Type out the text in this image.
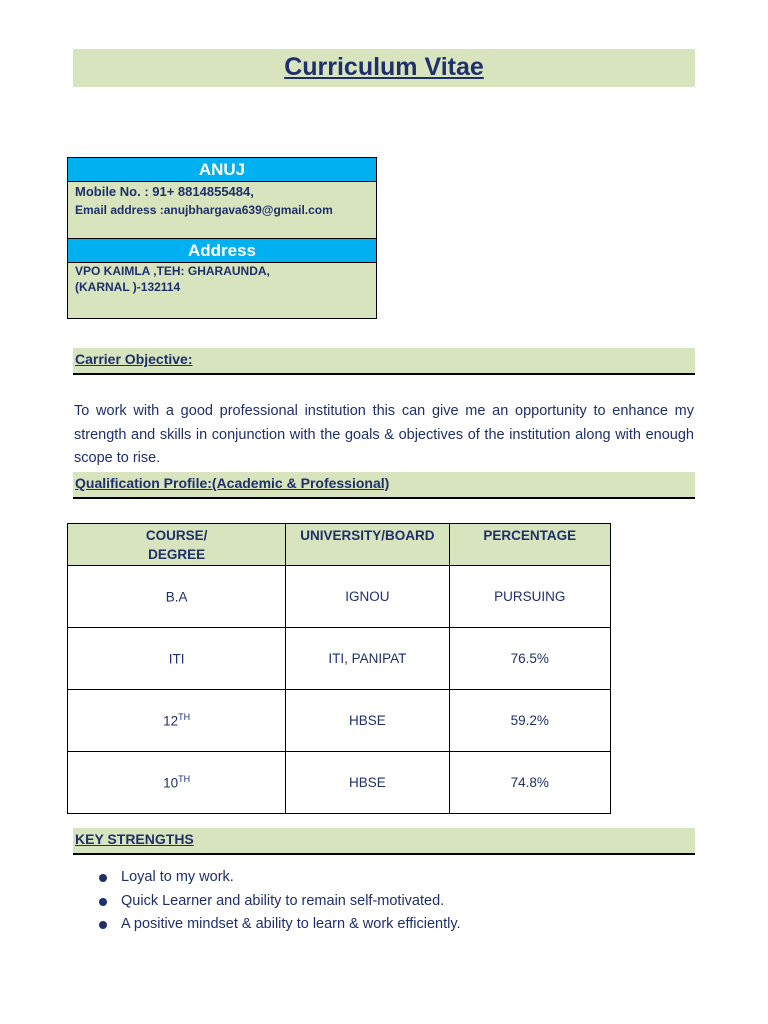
Curriculum Vitae
ANUJ
Mobile No. : 91+ 8814855484,
Email address :anujbhargava639@gmail.com
Address
VPO KAIMLA ,TEH: GHARAUNDA,
(KARNAL )-132114
Carrier Objective:
To work with a good professional institution this can give me an opportunity to enhance my strength and skills in conjunction with the goals & objectives of the institution along with enough scope to rise.
Qualification Profile:(Academic & Professional)
COURSE/
DEGREE	UNIVERSITY/BOARD	PERCENTAGE
B.A	IGNOU	PURSUING
ITI	ITI, PANIPAT	76.5%
12TH	HBSE	59.2%
10TH	HBSE	74.8%
KEY STRENGTHS
Loyal to my work.
Quick Learner and ability to remain self-motivated.
A positive mindset & ability to learn & work efficiently.
